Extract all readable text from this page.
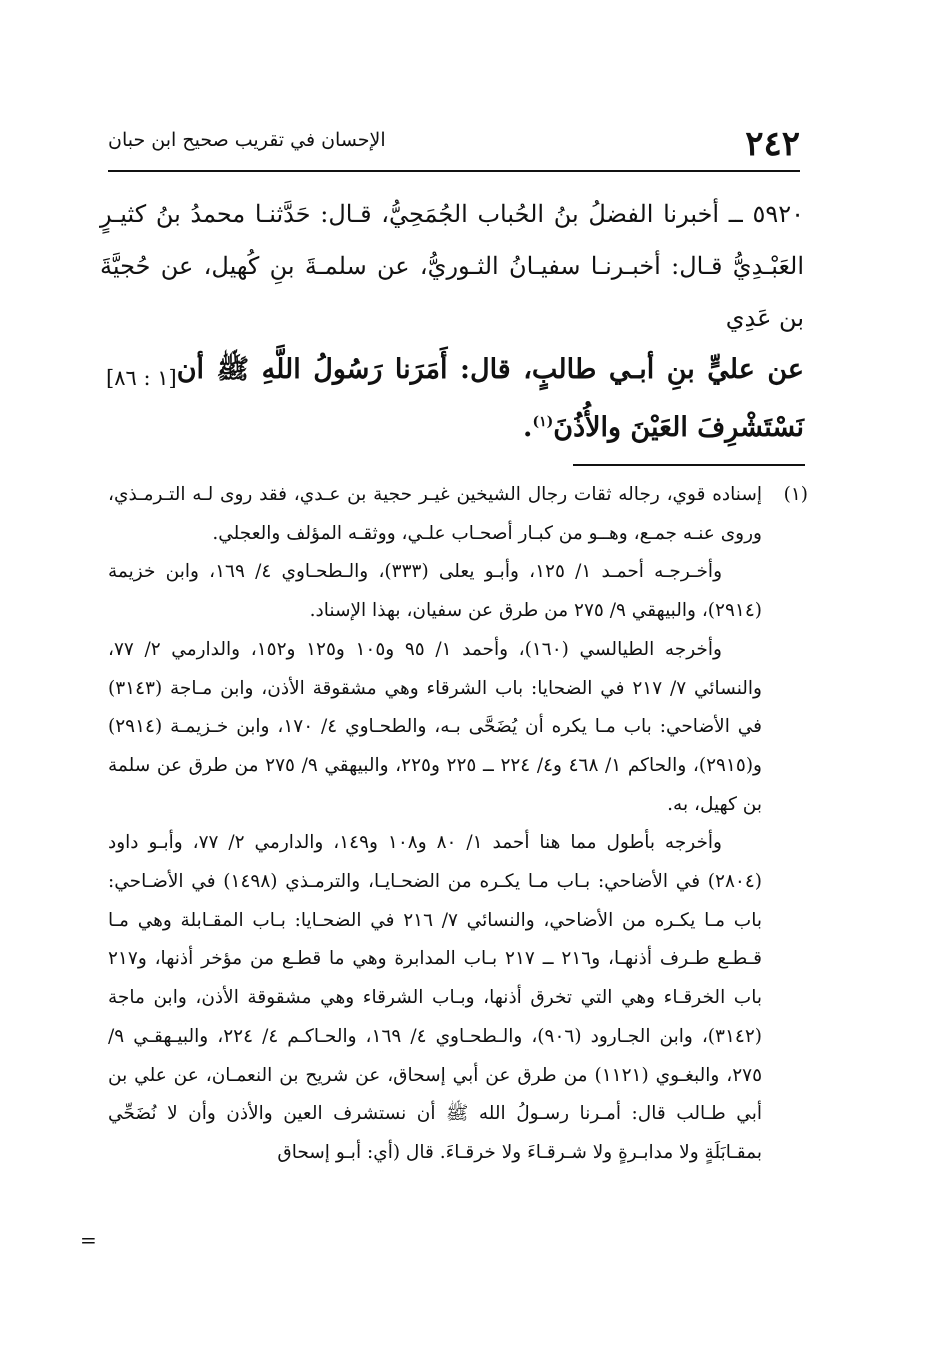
٢٤٢
الإحسان في تقريب صحيح ابن حبان

٥٩٢٠ ــ أخبرنا الفضلُ بنُ الحُباب الجُمَحِيُّ، قـال: حَدَّثنـا محمدُ بنُ كثيـرٍ العَبْـدِيُّ قـال: أخبـرنـا سفيـانُ الثـوريُّ، عن سلمـةَ بنِ كُهيل، عن حُجيَّةَ بن عَدِي

[١ : ٨٦] عن عليٍّ بنِ أبـي طالبٍ، قال: أَمَرَنا رَسُولُ اللَّهِ ﷺ أن نَسْتَشْرِفَ العَيْنَ والأُذُنَ$^{(١)}$.

(١)

إسناده قوي، رجاله ثقات رجال الشيخين غيـر حجية بن عـدي، فقد روى لـه التـرمـذي، وروى عنـه جمـع، وهــو من كبـار أصحـاب علـي، ووثقـه المؤلف والعجلي.

وأخـرجـه أحمـد ١/ ١٢٥، وأبـو يعلى (٣٣٣)، والـطحـاوي ٤/ ١٦٩، وابن خزيمة (٢٩١٤)، والبيهقي ٩/ ٢٧٥ من طرق عن سفيان، بهذا الإسناد.

وأخرجه الطيالسي (١٦٠)، وأحمد ١/ ٩٥ و١٠٥ و١٢٥ و١٥٢، والدارمي ٢/ ٧٧، والنسائي ٧/ ٢١٧ في الضحايا: باب الشرقاء وهي مشقوقة الأذن، وابن مـاجة (٣١٤٣) في الأضاحي: باب مـا يكره أن يُضَحَّى بـه، والطحـاوي ٤/ ١٧٠، وابن خـزيمـة (٢٩١٤) و(٢٩١٥)، والحاكم ١/ ٤٦٨ و٤/ ٢٢٤ ــ ٢٢٥ و٢٢٥، والبيهقي ٩/ ٢٧٥ من طرق عن سلمة بن كهيل، به.

وأخرجه بأطول مما هنا أحمد ١/ ٨٠ و١٠٨ و١٤٩، والدارمي ٢/ ٧٧، وأبـو داود (٢٨٠٤) في الأضاحي: بـاب مـا يكـره من الضحـايـا، والترمـذي (١٤٩٨) في الأضـاحي: باب مـا يكـره من الأضاحي، والنسائي ٧/ ٢١٦ في الضحـايا: بـاب المقـابلة وهي مـا قـطـع طـرف أذنهـا، و٢١٦ ــ ٢١٧ بـاب المدابرة وهي ما قطـع من مؤخر أذنها، و٢١٧ باب الخرقـاء وهي التي تخرق أذنها، وبـاب الشرقاء وهي مشقوقة الأذن، وابن ماجة (٣١٤٢)، وابن الجـارود (٩٠٦)، والـطحـاوي ٤/ ١٦٩، والحـاكـم ٤/ ٢٢٤، والبيـهقـي ٩/ ٢٧٥، والبغـوي (١١٢١) من طرق عن أبي إسحاق، عن شريح بن النعمـان، عن علي بن أبي طـالب قال: أمـرنا رسـولُ الله ﷺ أن نستشرف العين والأذن وأن لا نُضَحِّي بمقـابَلَةٍ ولا مدابـرةٍ ولا شـرقـاءَ ولا خرقـاءَ. قال (أي: أبـو إسحاق

=
